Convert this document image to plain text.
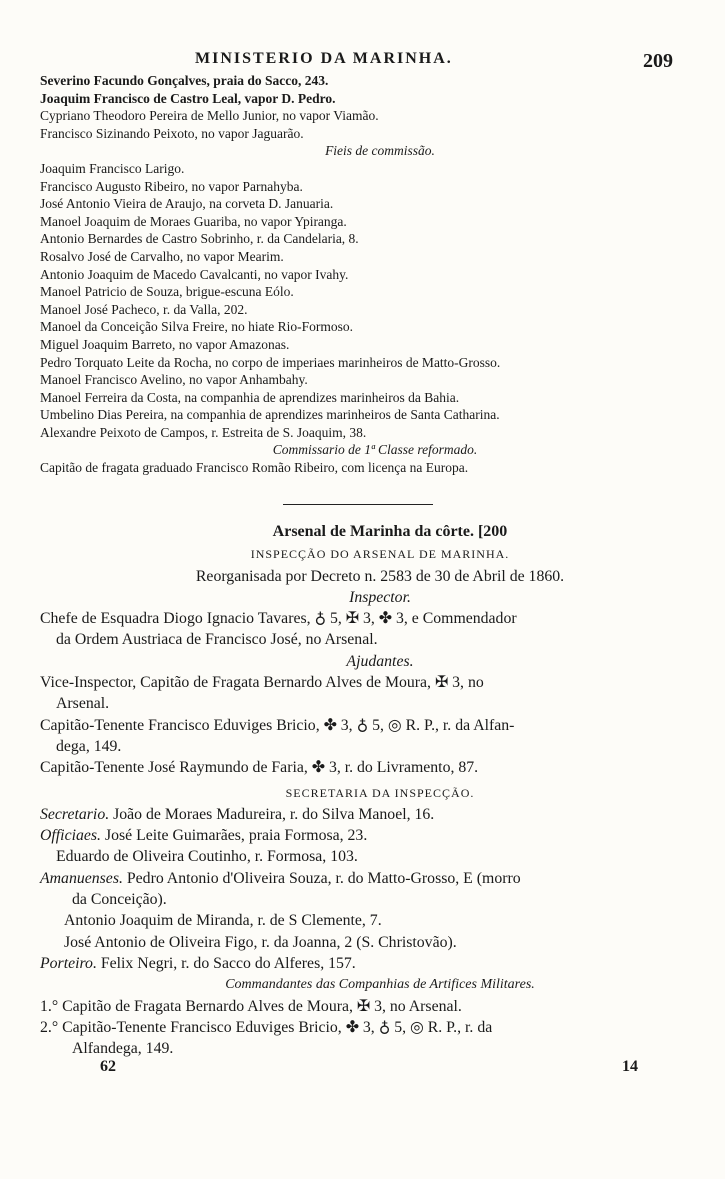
MINISTERIO DA MARINHA.	209
Severino Facundo Gonçalves, praia do Sacco, 243.
Joaquim Francisco de Castro Leal, vapor D. Pedro.
Cypriano Theodoro Pereira de Mello Junior, no vapor Viamão.
Francisco Sizinando Peixoto, no vapor Jaguarão.
Fieis de commissão.
Joaquim Francisco Larigo.
Francisco Augusto Ribeiro, no vapor Parnahyba.
José Antonio Vieira de Araujo, na corveta D. Januaria.
Manoel Joaquim de Moraes Guariba, no vapor Ypiranga.
Antonio Bernardes de Castro Sobrinho, r. da Candelaria, 8.
Rosalvo José de Carvalho, no vapor Mearim.
Antonio Joaquim de Macedo Cavalcanti, no vapor Ivahy.
Manoel Patricio de Souza, brigue-escuna Eólo.
Manoel José Pacheco, r. da Valla, 202.
Manoel da Conceição Silva Freire, no hiate Rio-Formoso.
Miguel Joaquim Barreto, no vapor Amazonas.
Pedro Torquato Leite da Rocha, no corpo de imperiaes marinheiros de Matto-Grosso.
Manoel Francisco Avelino, no vapor Anhambahy.
Manoel Ferreira da Costa, na companhia de aprendizes marinheiros da Bahia.
Umbelino Dias Pereira, na companhia de aprendizes marinheiros de Santa Catharina.
Alexandre Peixoto de Campos, r. Estreita de S. Joaquim, 38.
Commissario de 1ª Classe reformado.
Capitão de fragata graduado Francisco Romão Ribeiro, com licença na Europa.
Arsenal de Marinha da côrte. [200
INSPECÇÃO DO ARSENAL DE MARINHA.
Reorganisada por Decreto n. 2583 de 30 de Abril de 1860.
Inspector.
Chefe de Esquadra Diogo Ignacio Tavares, ♁ 5, ✠ 3, ✤ 3, e Commendador
da Ordem Austriaca de Francisco José, no Arsenal.
Ajudantes.
Vice-Inspector, Capitão de Fragata Bernardo Alves de Moura, ✠ 3, no
Arsenal.
Capitão-Tenente Francisco Eduviges Bricio, ✤ 3, ♁ 5, ◎ R. P., r. da Alfan-
dega, 149.
Capitão-Tenente José Raymundo de Faria, ✤ 3, r. do Livramento, 87.
SECRETARIA DA INSPECÇÃO.
Secretario. João de Moraes Madureira, r. do Silva Manoel, 16.
Officiaes. José Leite Guimarães, praia Formosa, 23.
Eduardo de Oliveira Coutinho, r. Formosa, 103.
Amanuenses. Pedro Antonio d'Oliveira Souza, r. do Matto-Grosso, E (morro
da Conceição).
Antonio Joaquim de Miranda, r. de S Clemente, 7.
José Antonio de Oliveira Figo, r. da Joanna, 2 (S. Christovão).
Porteiro. Felix Negri, r. do Sacco do Alferes, 157.
Commandantes das Companhias de Artifices Militares.
1.° Capitão de Fragata Bernardo Alves de Moura, ✠ 3, no Arsenal.
2.° Capitão-Tenente Francisco Eduviges Bricio, ✤ 3, ♁ 5, ◎ R. P., r. da
Alfandega, 149.
62	14
